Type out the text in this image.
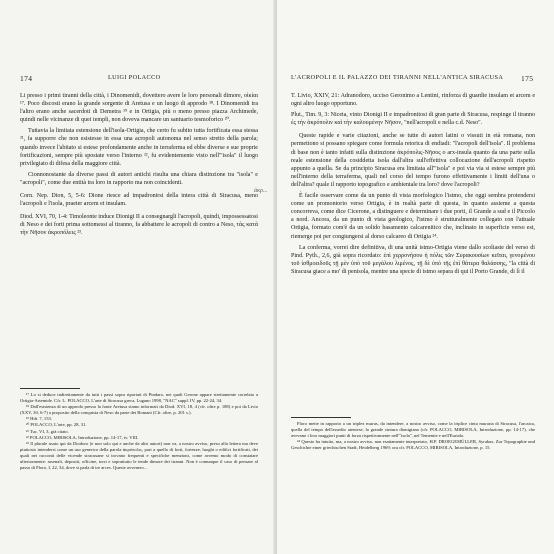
174	LUIGI POLACCO

Li presso i primi tiranni della città, i Dinomenidi, dovettero avere le loro personali dimore, οἰκίαι ¹⁷. Poco discosti erano la grande sorgente di Aretusa e un luogo di approdo ¹⁸. I Dinomenidi tra l'altro erano anche sacerdoti di Demetra ¹⁹ e in Ortigia, più o meno presso piazza Archimede, quindi nelle vicinanze di quei templi, non doveva mancare un santuario tesmoforico ²⁰.

Tuttavia la limitata estensione dell'isola-Ortigia, che certo fu subito tutta fortificata essa stessa ²¹, fa supporre che non esistesse in essa una acropoli autonoma nel senso stretto della parola; quando invece l'abitato si estese profondamente anche in terraferma ed ebbe diverse e sue proprie fortificazioni, sempre più spostate verso l'interno ²², fu evidentemente visto nell'"isola" il luogo privilegiato di difesa della maggiore città.

Cionnonostante da diverse passi di autori antichi risulta una chiara distinzione tra "isola" e "acropoli", come due entità tra loro in rapporto ma non coincidenti.

Corn. Nep. Dion, 5, 5-6: Dione riesce ad impadronirsi della intera città di Siracusa, meno l'acropoli e l'isola, praeter arcem et insulam.

Diod. XVI, 70, 1-4: Timoleonte induce Dionigi II a consegnargli l'acropoli, quindi, impossessatosi di Neso e dei forti prima sottomessi al tiranno, fa abbattere le acropoli di contro a Neso, τὰς κατὰ τὴν Νῆσον ἀκροπόλεις ²³.

¹⁷ Lo si deduce indirettamente da tutti i passi sopra riportati di Pindaro, nei quali Gerone appare strettamente correlato a Ortigia-Artemide. Cfr. L. POLACCO, L'arte di Siracusa greca, Lugano 1998, "NAC" suppl. IV, pp. 22-24, 34.

¹⁸ Dall'esistenza di un approdo presso la fonte Aretusa siamo informati da Diod. XVI, 18, 4 (cfr. oltre p. 188) e poi da Livio (XXV, 30, 6-7) a proposito della conquista di Neso da parte dei Romani (Cfr. oltre, p. 201 s.).

¹⁹ Hdt. 7, 153.

²⁰ POLACCO, L'arte, pp. 28, 31.

²¹ Tuc. VI, 3, già citato.

²² POLACCO, MIRISOLA, Introduzione, pp. 14-17, tv. VIII.

²³ Il plurale usato qui da Diodoro (e non solo qui e anche da altri autori) non va, a nostro avviso, preso alla lettera ma deve piuttosto intendersi come un uso generico della parola ἀκρόπολις, pari a quello di forti, fortezze, luoghi o edifici fortificati, dei quali nei racconti delle vicende siracusane si trovano frequenti e specifiche menzioni, come avremo modo di constatare ulteriormente: arsenali, depositi, officine, torri e soprattutto le tende dimore dei tiranni. Non è comunque il caso di pensare al passo di Floro, I, 22, 34, dove si parla di tre arces. Queste avvenero...

L'ACROPOLI E IL PALAZZO DEI TIRANNI NELL'ANTICA SIRACUSA 175

T. Livio, XXIV, 21: Adranodoro, ucciso Geronimo a Lentini, rinforza di guardie insulam et arcem e ogni altro luogo opportuno.

Plut., Tim. 9, 3: Niceta, vinto Dionigi II e impadronitosi di gran parte di Siracusa, respinge il tiranno ἐς τὴν ἀκρόπολιν καὶ τὴν καλουμένην Νῆσον, "nell'acropoli e nella c.d. Neso".

Queste rapide e varie citazioni, anche se tutte di autori latini o vissuti in età romana, non permettono si possano spiegare come formula retorica di endiadi: "l'acropoli dell'isola". Il problema di base non è tanto infatti sulla distinzione ἀκρόπολις-Νῆσος o arx-insula quanto da una parte sulla reale estensione della cosiddetta isola dall'altra sull'effettiva collocazione dell'acropoli rispetto appunto a quella. Se da principio Siracusa era limitata all'"isola" e poi via via si estese sempre più nell'interno della terraferma, quali nel corso del tempo furono effettivamente i limiti dell'una o dell'altra? quale il rapporto topografico e ambientale tra loro? dove l'acropoli?

È facile osservare come da un punto di vista morfologico l'istmo, che oggi sembra protendersi come un promontorio verso Ortigia, è in realtà parte di questa, in quanto assieme a questa concorreva, come dice Cicerone, a distinguere e determinare i due porti, il Grande a sud e il Piccolo a nord. Ancora, da un punto di vista geologico, l'istmo è strutturalmente collegato con l'attuale Ortigia, formato com'è da un solido basamento calcarenitico che, inclinato in superficie verso est, riemerge poi per congiungersi al dorso calcareo di Ortigia ²⁴.

La conferma, vorrei dire definitiva, di una unità istmo-Ortigia viene dallo scoliaste del verso di Pind. Pyth., 2,6, già sopra ricordato: ἐπὶ χερρονήσου ἡ πόλις τῶν Συρακουσίων κεῖται, γενομένου τοῦ ἰσθμοειδοῦς τῇ μὲν ὑπὸ τοῦ μεγάλου λιμένος, τῇ δὲ ὑπὸ τῆς ἐπὶ θάτερα θαλάσσης, "la città di Siracusa giace a mo' di penisola, mentre una specie di istmo separa di qui il Porto Grande, di lì il

Floro mette in rapporto a un triplex murus, da intendere, a nostro avviso, come la triplice cinta muraria di Siracusa, l'arcaica, quella del tempo dell'assedio ateniese, la grande cintura dionigiana (cfr. POLACCO, MIRISOLA, Introduzione, pp. 14-17), che avevano i loro maggiori punti di forza rispettivamente nell'"isola", nel Temenite e nell'Eurialo.

²⁴ Questo ha intuito, ma, a nostro avviso, non esattamente interpretato, H.P. DROEGEMÜLLER, Syrakus. Zur Topographie und Geschichte einer griechischen Stadt, Heidelberg 1969; ora cfr. POLACCO, MIRISOLA, Introduzione, p. 15.

ἀκρ...
